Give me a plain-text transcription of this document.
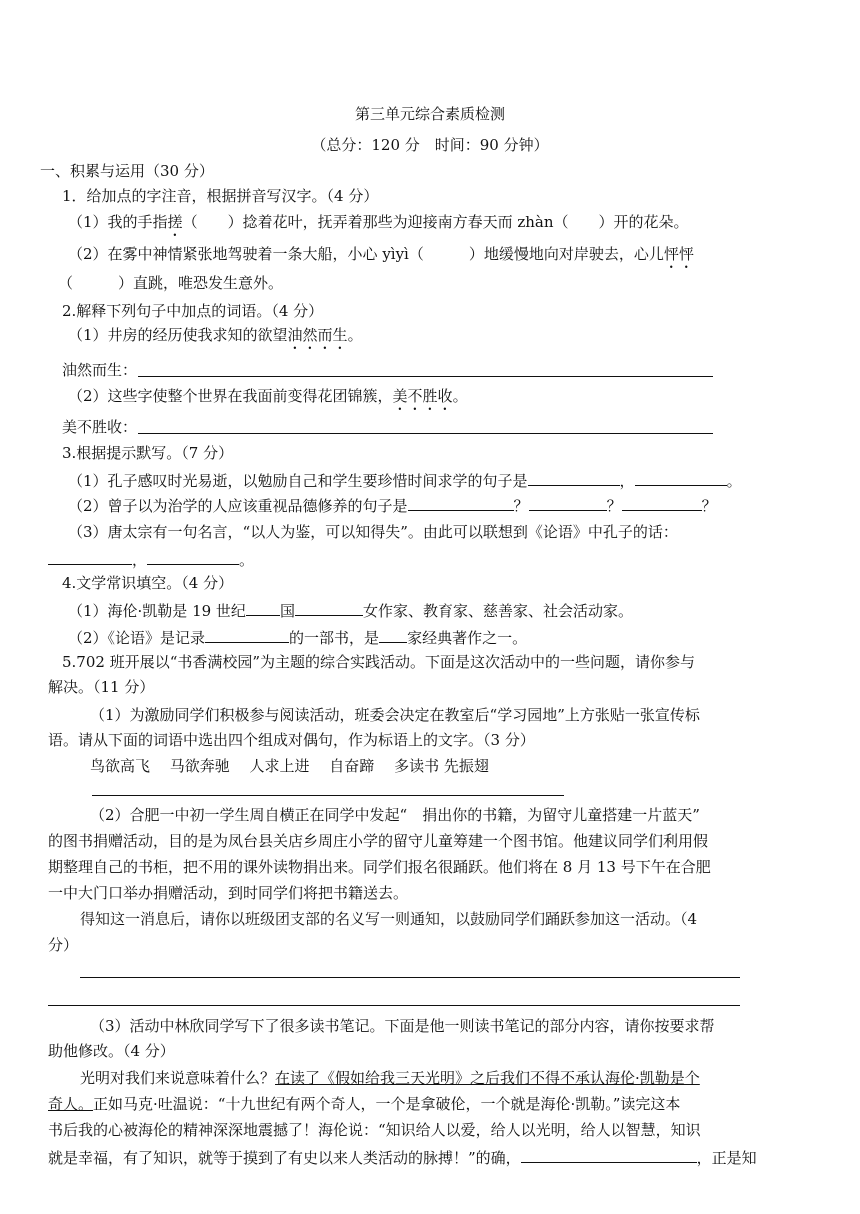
第三单元综合素质检测
（总分：120 分　时间：90 分钟）
一、积累与运用（30 分）
1．给加点的字注音，根据拼音写汉字。（4 分）
（1）我的手指搓（　　）捻着花叶，抚弄着那些为迎接南方春天而 zhàn（　　）开的花朵。
（2）在雾中神情紧张地驾驶着一条大船，小心 yìyì（　　　）地缓慢地向对岸驶去，心儿怦怦
（　　　）直跳，唯恐发生意外。
2.解释下列句子中加点的词语。（4 分）
（1）井房的经历使我求知的欲望油然而生。
油然而生：
（2）这些字使整个世界在我面前变得花团锦簇，美不胜收。
美不胜收：
3.根据提示默写。（7 分）
（1）孔子感叹时光易逝，以勉励自己和学生要珍惜时间求学的句子是	，	。
（2）曾子以为治学的人应该重视品德修养的句子是	？	？	？
（3）唐太宗有一句名言，“以人为鉴，可以知得失”。由此可以联想到《论语》中孔子的话：
，	。
4.文学常识填空。（4 分）
（1）海伦·凯勒是 19 世纪 国	女作家、教育家、慈善家、社会活动家。
（2）《论语》是记录	的一部书，是 家经典著作之一。
5.702 班开展以“书香满校园”为主题的综合实践活动。下面是这次活动中的一些问题，请你参与
解决。（11 分）
（1）为激励同学们积极参与阅读活动，班委会决定在教室后“学习园地”上方张贴一张宣传标
语。请从下面的词语中选出四个组成对偶句，作为标语上的文字。（3 分）
鸟欲高飞　 马欲奔驰 　人求上进　 自奋蹄　 多读书 先振翅
（2）合肥一中初一学生周自横正在同学中发起“　捐出你的书籍，为留守儿童搭建一片蓝天”
的图书捐赠活动，目的是为凤台县关店乡周庄小学的留守儿童筹建一个图书馆。他建议同学们利用假
期整理自己的书柜，把不用的课外读物捐出来。同学们报名很踊跃。他们将在 8 月 13 号下午在合肥
一中大门口举办捐赠活动，到时同学们将把书籍送去。
得知这一消息后，请你以班级团支部的名义写一则通知，以鼓励同学们踊跃参加这一活动。（4
分）
（3）活动中林欣同学写下了很多读书笔记。下面是他一则读书笔记的部分内容，请你按要求帮
助他修改。（4 分）
光明对我们来说意味着什么？在读了《假如给我三天光明》之后我们不得不承认海伦·凯勒是个
奇人。正如马克·吐温说：“十九世纪有两个奇人，一个是拿破伦，一个就是海伦·凯勒。”读完这本
书后我的心被海伦的精神深深地震撼了！海伦说：“知识给人以爱，给人以光明，给人以智慧，知识
就是幸福，有了知识，就等于摸到了有史以来人类活动的脉搏！”的确，	，正是知
